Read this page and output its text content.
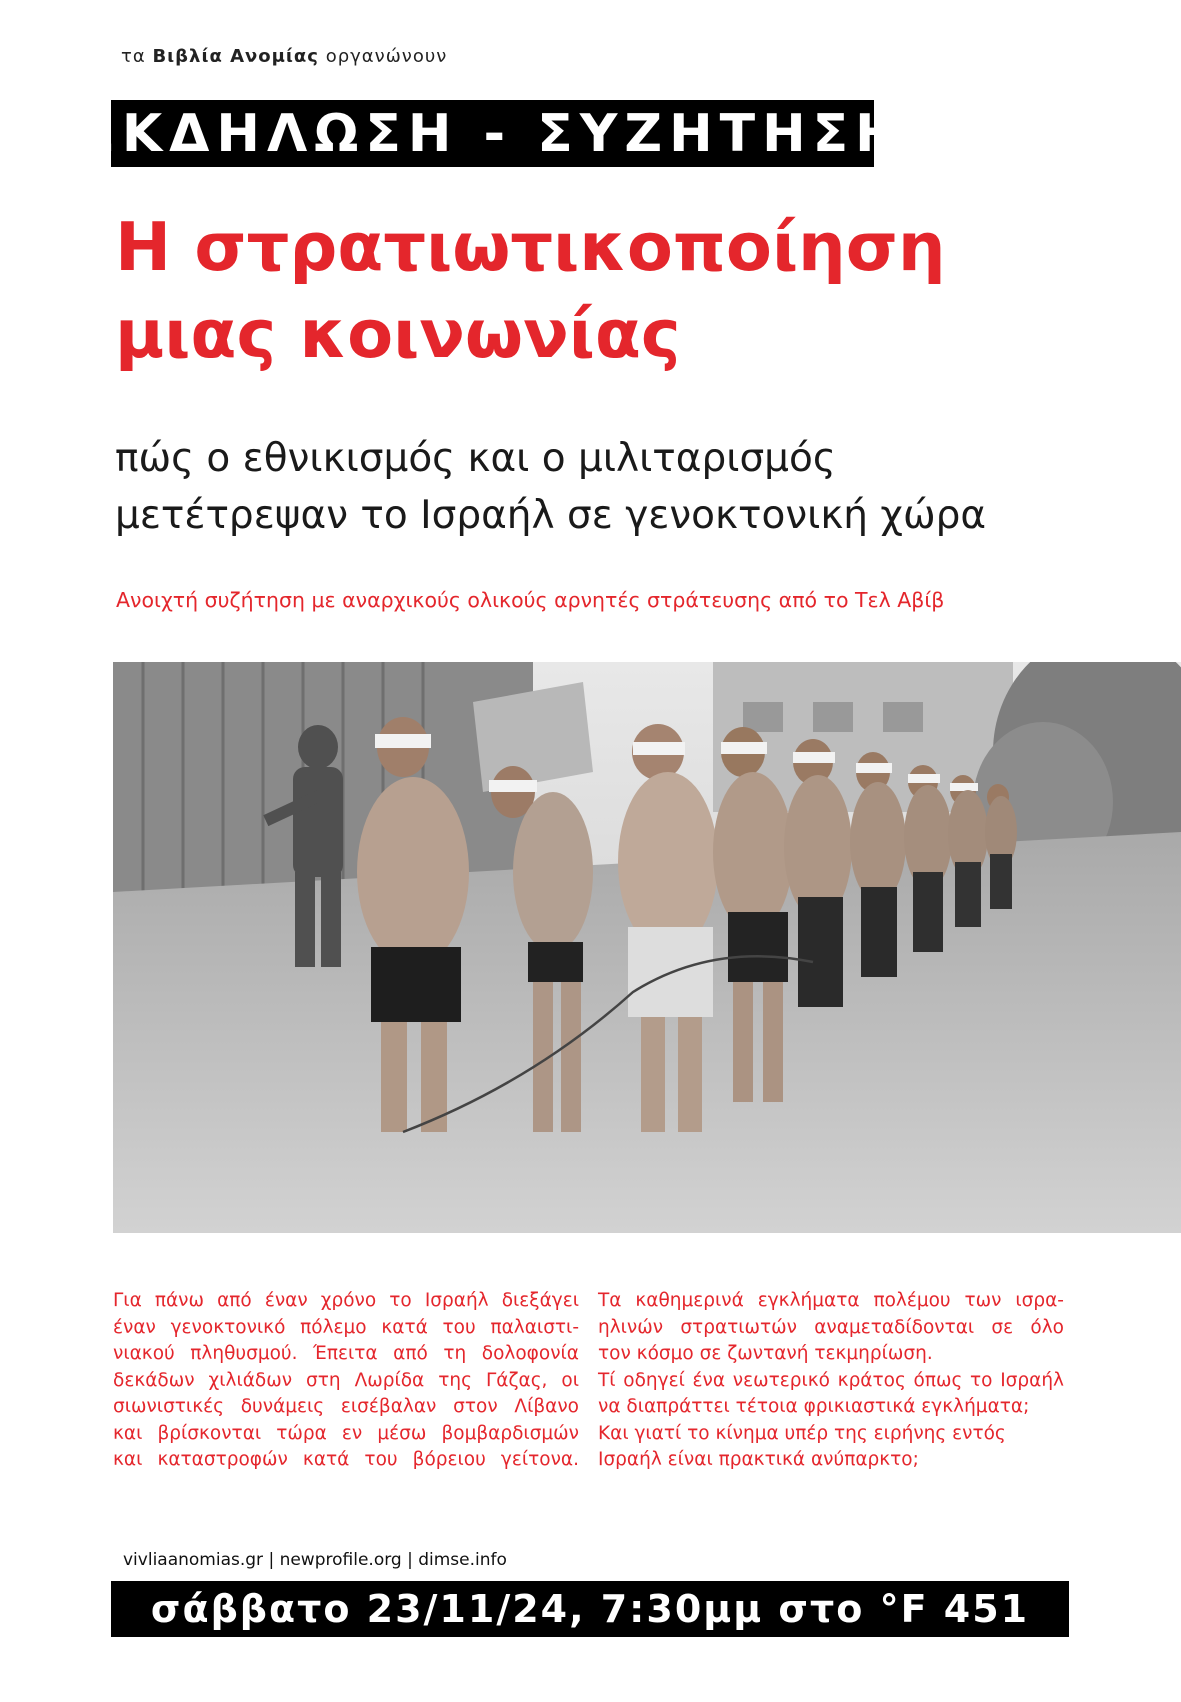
τα Βιβλία Ανομίας οργανώνουν
ΕΚΔΗΛΩΣΗ - ΣΥΖΗΤΗΣΗ
Η στρατιωτικοποίηση
μιας κοινωνίας
πώς ο εθνικισμός και ο μιλιταρισμός
μετέτρεψαν το Ισραήλ σε γενοκτονική χώρα
Ανοιχτή συζήτηση με αναρχικούς ολικούς αρνητές στράτευσης από το Τελ Αβίβ

Για πάνω από έναν χρόνο το Ισραήλ διεξάγει

έναν γενοκτονικό πόλεμο κατά του παλαιστι-

νιακού πληθυσμού. Έπειτα από τη δολοφονία

δεκάδων χιλιάδων στη Λωρίδα της Γάζας, οι

σιωνιστικές δυνάμεις εισέβαλαν στον Λίβανο

και βρίσκονται τώρα εν μέσω βομβαρδισμών

και καταστροφών κατά του βόρειου γείτονα.

Τα καθημερινά εγκλήματα πολέμου των ισρα-

ηλινών στρατιωτών αναμεταδίδονται σε όλο

τον κόσμο σε ζωντανή τεκμηρίωση.

Τί οδηγεί ένα νεωτερικό κράτος όπως το Ισραήλ

να διαπράττει τέτοια φρικιαστικά εγκλήματα;

Και γιατί το κίνημα υπέρ της ειρήνης εντός

Ισραήλ είναι πρακτικά ανύπαρκτο;

vivliaanomias.gr | newprofile.org | dimse.info
σάββατο 23/11/24, 7:30μμ στο °F 451
